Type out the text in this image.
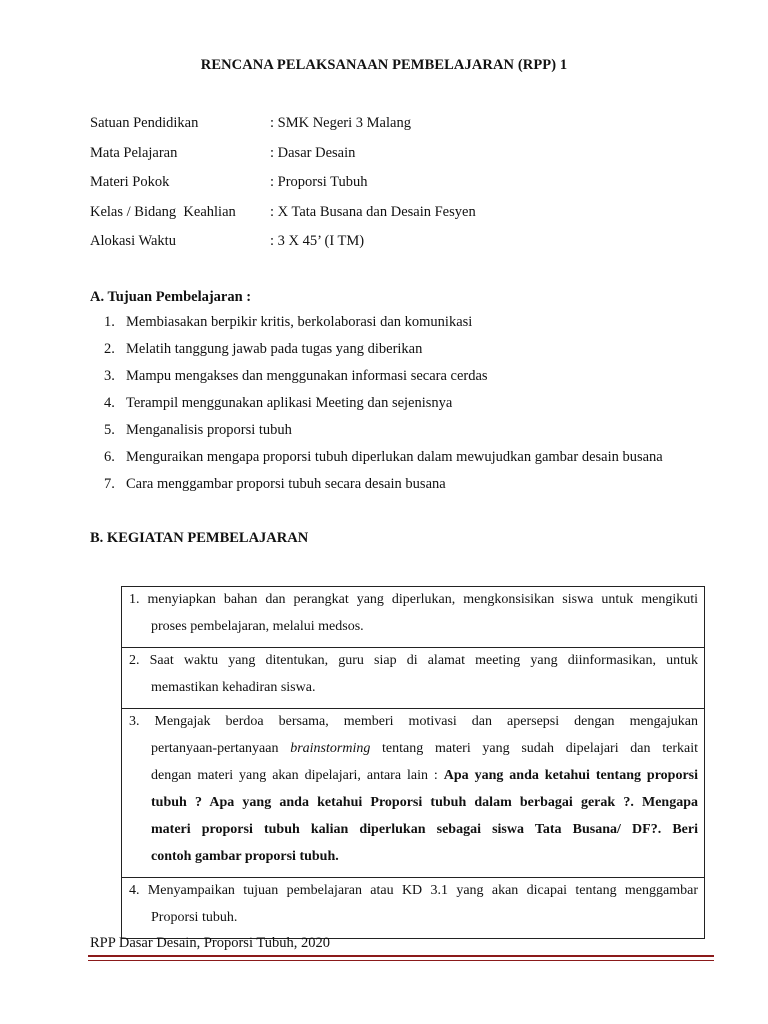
RENCANA PELAKSANAAN PEMBELAJARAN (RPP) 1
Satuan Pendidikan	: SMK Negeri 3 Malang
Mata Pelajaran	: Dasar Desain
Materi Pokok	: Proporsi Tubuh
Kelas / Bidang  Keahlian : X Tata Busana dan Desain Fesyen
Alokasi Waktu	: 3 X 45’ (I TM)
A. Tujuan Pembelajaran :
1. Membiasakan berpikir kritis, berkolaborasi dan komunikasi
2. Melatih tanggung jawab pada tugas yang diberikan
3. Mampu mengakses dan menggunakan informasi secara cerdas
4. Terampil menggunakan aplikasi Meeting dan sejenisnya
5. Menganalisis proporsi tubuh
6. Menguraikan mengapa proporsi tubuh diperlukan dalam mewujudkan gambar desain busana
7. Cara menggambar proporsi tubuh secara desain busana
B. KEGIATAN PEMBELAJARAN
1. menyiapkan bahan dan perangkat yang diperlukan, mengkonsisikan siswa untuk mengikuti
proses pembelajaran, melalui medsos.
2. Saat waktu yang ditentukan, guru siap di alamat meeting yang diinformasikan, untuk
memastikan kehadiran siswa.
3. Mengajak berdoa bersama, memberi motivasi dan apersepsi dengan mengajukan
pertanyaan-pertanyaan brainstorming tentang materi yang sudah dipelajari dan terkait
dengan materi yang akan dipelajari, antara lain : Apa yang anda ketahui tentang proporsi
tubuh ? Apa yang anda ketahui Proporsi tubuh dalam berbagai gerak ?. Mengapa
materi proporsi tubuh kalian diperlukan sebagai siswa Tata Busana/ DF?. Beri
contoh gambar proporsi tubuh.
4. Menyampaikan tujuan pembelajaran atau KD 3.1 yang akan dicapai tentang menggambar
Proporsi tubuh.
RPP Dasar Desain, Proporsi Tubuh, 2020
